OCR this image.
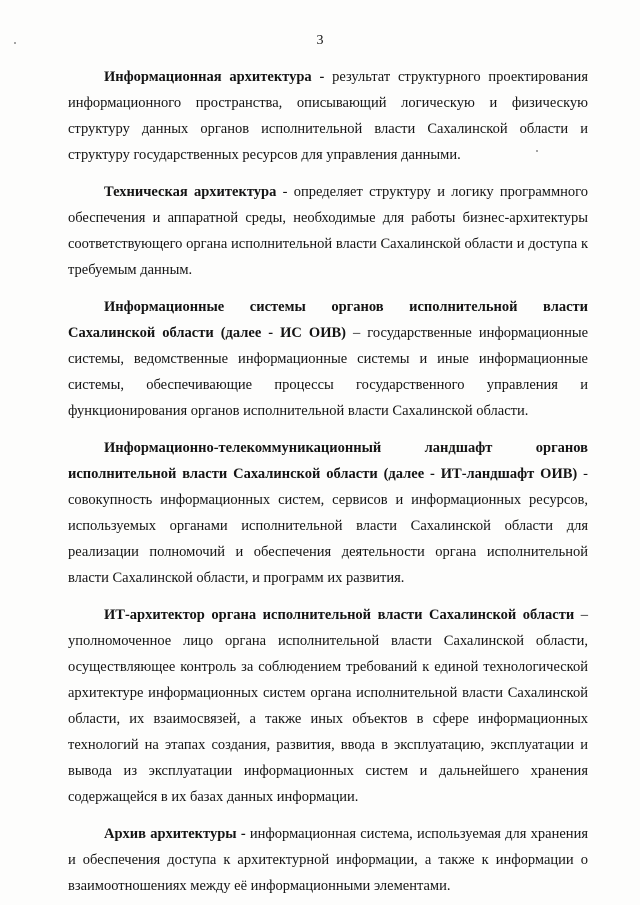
3

Информационная архитектура - результат структурного проектирования информационного пространства, описывающий логическую и физическую структуру данных органов исполнительной власти Сахалинской области и структуру государственных ресурсов для управления данными.

Техническая архитектура - определяет структуру и логику программного обеспечения и аппаратной среды, необходимые для работы бизнес-архитектуры соответствующего органа исполнительной власти Сахалинской области и доступа к требуемым данным.

Информационные системы органов исполнительной власти Сахалинской области (далее - ИС ОИВ) – государственные информационные системы, ведомственные информационные системы и иные информационные системы, обеспечивающие процессы государственного управления и функционирования органов исполнительной власти Сахалинской области.

Информационно-телекоммуникационный ландшафт органов исполнительной власти Сахалинской области (далее - ИТ-ландшафт ОИВ) - совокупность информационных систем, сервисов и информационных ресурсов, используемых органами исполнительной власти Сахалинской области для реализации полномочий и обеспечения деятельности органа исполнительной власти Сахалинской области, и программ их развития.

ИТ-архитектор органа исполнительной власти Сахалинской области – уполномоченное лицо органа исполнительной власти Сахалинской области, осуществляющее контроль за соблюдением требований к единой технологической архитектуре информационных систем органа исполнительной власти Сахалинской области, их взаимосвязей, а также иных объектов в сфере информационных технологий на этапах создания, развития, ввода в эксплуатацию, эксплуатации и вывода из эксплуатации информационных систем и дальнейшего хранения содержащейся в их базах данных информации.

Архив архитектуры - информационная система, используемая для хранения и обеспечения доступа к архитектурной информации, а также к информации о взаимоотношениях между её информационными элементами.
